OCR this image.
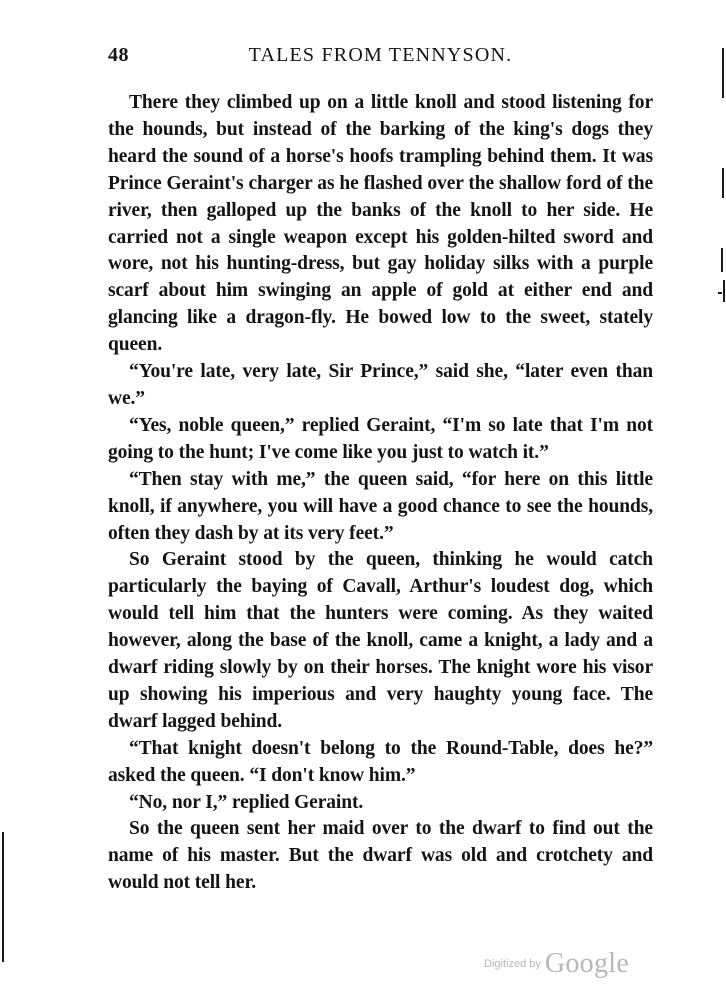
48	TALES FROM TENNYSON.

There they climbed up on a little knoll and stood listening for the hounds, but instead of the barking of the king's dogs they heard the sound of a horse's hoofs trampling behind them. It was Prince Geraint's charger as he flashed over the shallow ford of the river, then galloped up the banks of the knoll to her side. He carried not a single weapon except his golden-hilted sword and wore, not his hunting-dress, but gay holiday silks with a purple scarf about him swinging an apple of gold at either end and glancing like a dragon-fly. He bowed low to the sweet, stately queen.

“You're late, very late, Sir Prince,” said she, “later even than we.”

“Yes, noble queen,” replied Geraint, “I'm so late that I'm not going to the hunt; I've come like you just to watch it.”

“Then stay with me,” the queen said, “for here on this little knoll, if anywhere, you will have a good chance to see the hounds, often they dash by at its very feet.”

So Geraint stood by the queen, thinking he would catch particularly the baying of Cavall, Arthur's loudest dog, which would tell him that the hunters were coming. As they waited however, along the base of the knoll, came a knight, a lady and a dwarf riding slowly by on their horses. The knight wore his visor up showing his imperious and very haughty young face. The dwarf lagged behind.

“That knight doesn't belong to the Round-Table, does he?” asked the queen. “I don't know him.”

“No, nor I,” replied Geraint.

So the queen sent her maid over to the dwarf to find out the name of his master. But the dwarf was old and crotchety and would not tell her.

Digitized by Google
